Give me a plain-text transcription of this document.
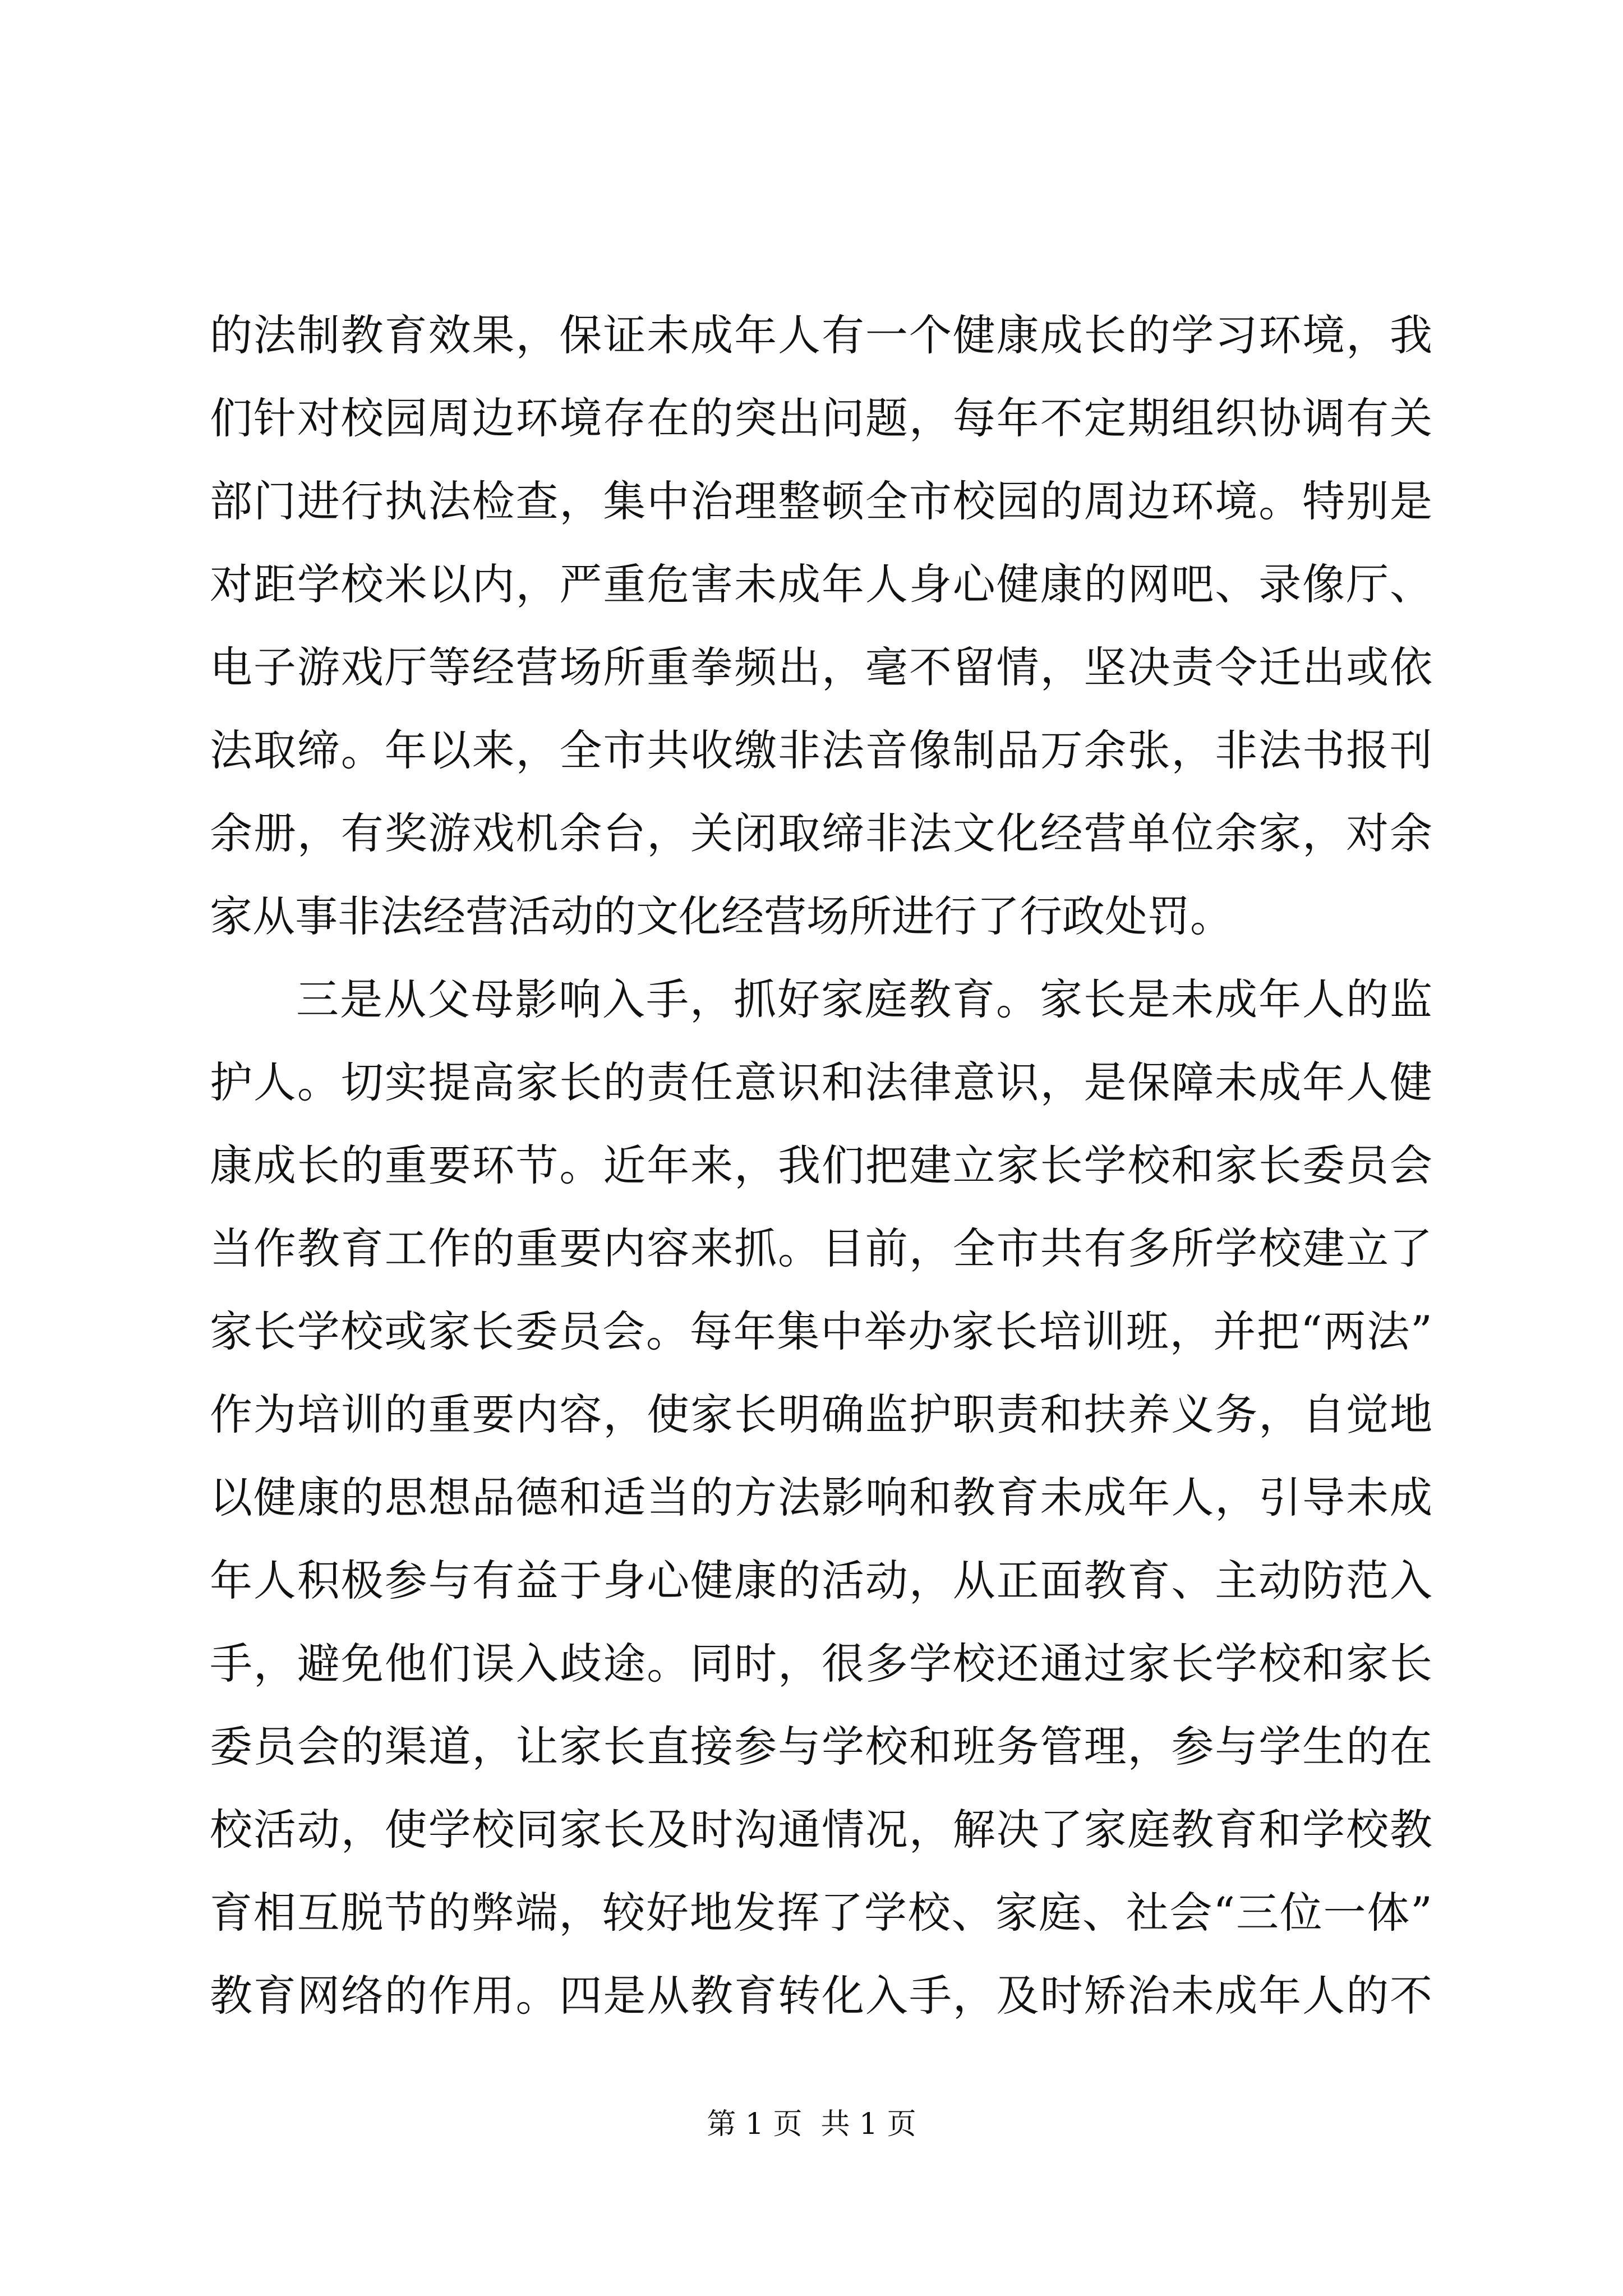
的法制教育效果，保证未成年人有一个健康成长的学习环境，我
们针对校园周边环境存在的突出问题，每年不定期组织协调有关
部门进行执法检查，集中治理整顿全市校园的周边环境。特别是
对距学校米以内，严重危害未成年人身心健康的网吧、录像厅、
电子游戏厅等经营场所重拳频出，毫不留情，坚决责令迁出或依
法取缔。年以来，全市共收缴非法音像制品万余张，非法书报刊
余册，有奖游戏机余台，关闭取缔非法文化经营单位余家，对余
家从事非法经营活动的文化经营场所进行了行政处罚。
三是从父母影响入手，抓好家庭教育。家长是未成年人的监
护人。切实提高家长的责任意识和法律意识，是保障未成年人健
康成长的重要环节。近年来，我们把建立家长学校和家长委员会
当作教育工作的重要内容来抓。目前，全市共有多所学校建立了
家长学校或家长委员会。每年集中举办家长培训班，并把“两法”
作为培训的重要内容，使家长明确监护职责和扶养义务，自觉地
以健康的思想品德和适当的方法影响和教育未成年人，引导未成
年人积极参与有益于身心健康的活动，从正面教育、主动防范入
手，避免他们误入歧途。同时，很多学校还通过家长学校和家长
委员会的渠道，让家长直接参与学校和班务管理，参与学生的在
校活动，使学校同家长及时沟通情况，解决了家庭教育和学校教
育相互脱节的弊端，较好地发挥了学校、家庭、社会“三位一体”
教育网络的作用。四是从教育转化入手，及时矫治未成年人的不
第 1 页  共 1 页
